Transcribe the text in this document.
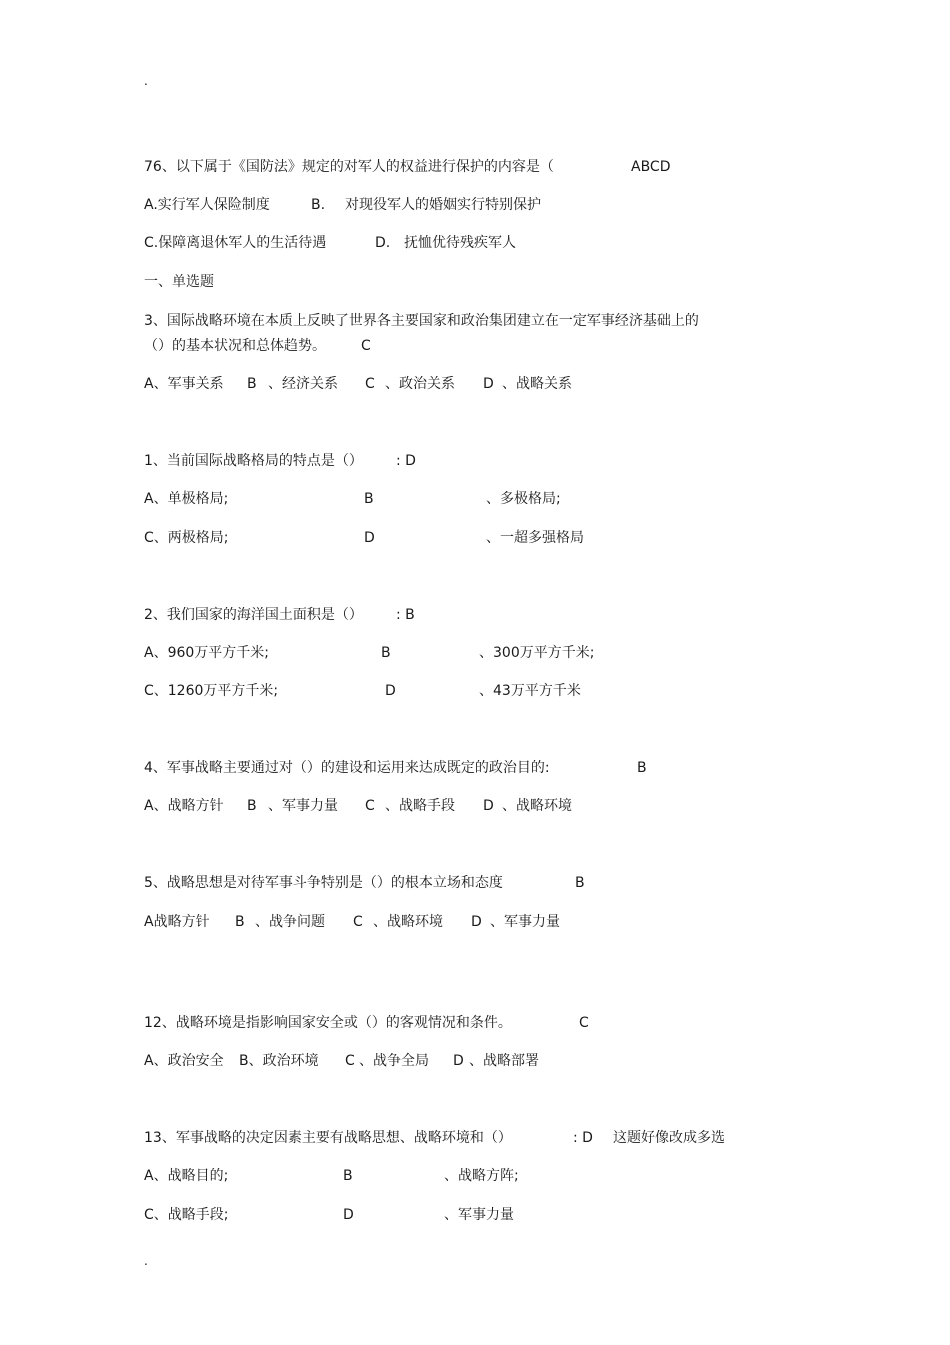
.
.
76、以下属于《国防法》规定的对军人的权益进行保护的内容是（	ABCD
A.实行军人保险制度	B. 对现役军人的婚姻实行特别保护
C.保障离退休军人的生活待遇	D. 抚恤优待残疾军人
一、单选题
3、国际战略环境在本质上反映了世界各主要国家和政治集团建立在一定军事经济基础上的
（）的基本状况和总体趋势。	C
A、军事关系 B 、经济关系 C 、政治关系 D 、战略关系
1、当前国际战略格局的特点是（） : D
A、单极格局;	B	、多极格局;
C、两极格局;	D	、一超多强格局
2、我们国家的海洋国土面积是（） : B
A、960万平方千米;	B	、300万平方千米;
C、1260万平方千米;	D	、43万平方千米
4、军事战略主要通过对（）的建设和运用来达成既定的政治目的:	B
A、战略方针 B 、军事力量 C 、战略手段 D 、战略环境
5、战略思想是对待军事斗争特别是（）的根本立场和态度	B
A战略方针 B 、战争问题 C 、战略环境 D 、军事力量
12、战略环境是指影响国家安全或（）的客观情况和条件。	C
A、政治安全 B、政治环境 C 、战争全局 D 、战略部署
13、军事战略的决定因素主要有战略思想、战略环境和（）	: D 这题好像改成多选
A、战略目的;	B	、战略方阵;
C、战略手段;	D	、军事力量
